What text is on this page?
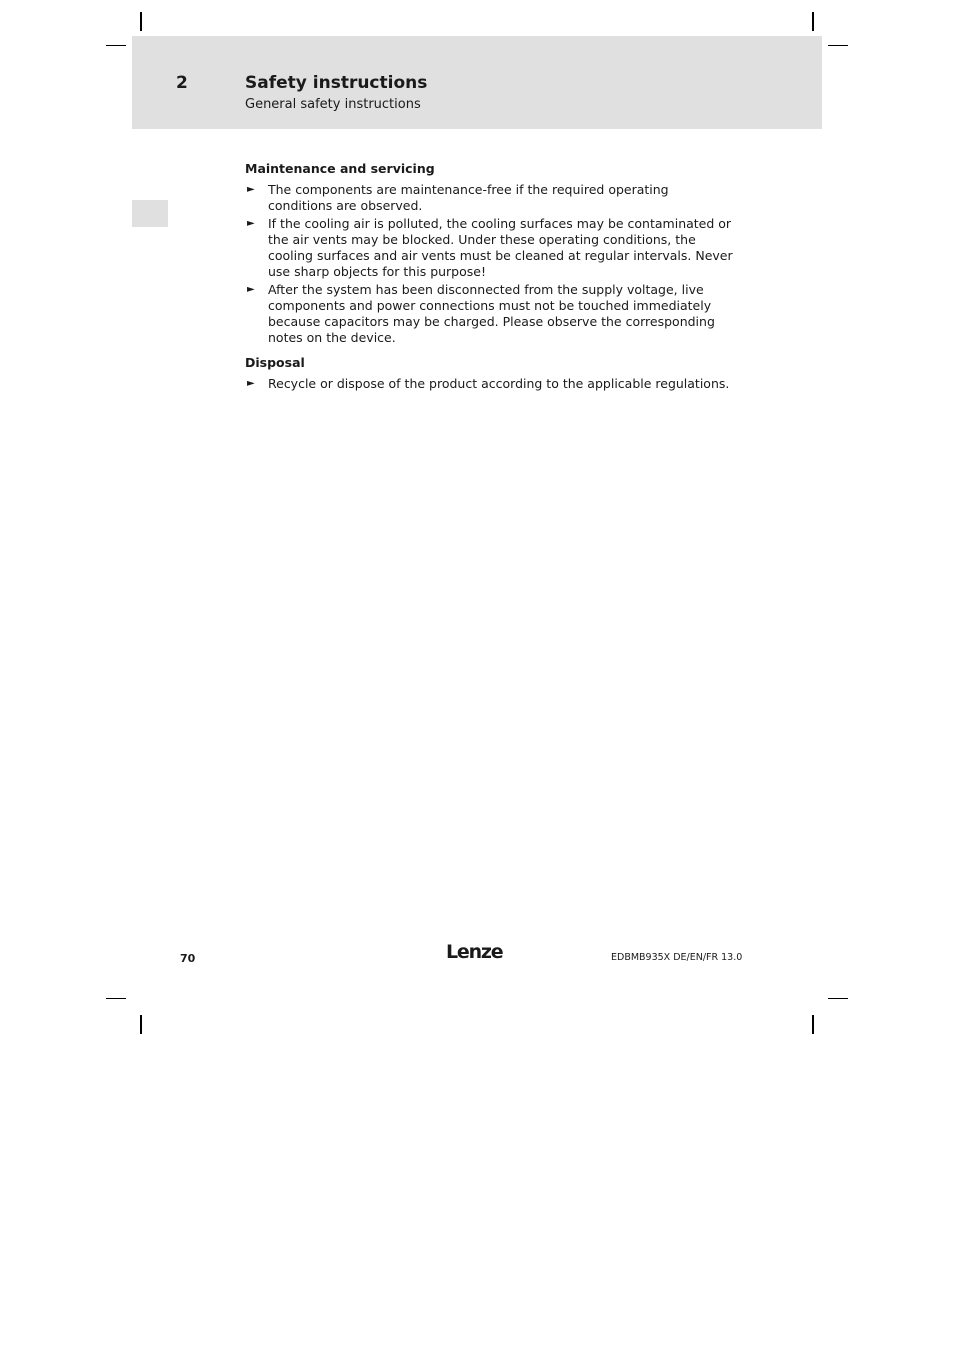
2	Safety instructions
General safety instructions
Maintenance and servicing
► The components are maintenance-free if the required operating conditions are observed.
► If the cooling air is polluted, the cooling surfaces may be contaminated or the air vents may be blocked. Under these operating conditions, the cooling surfaces and air vents must be cleaned at regular intervals. Never use sharp objects for this purpose!
► After the system has been disconnected from the supply voltage, live components and power connections must not be touched immediately because capacitors may be charged. Please observe the corresponding notes on the device.
Disposal
► Recycle or dispose of the product according to the applicable regulations.
70	Lenze	EDBMB935X DE/EN/FR 13.0
